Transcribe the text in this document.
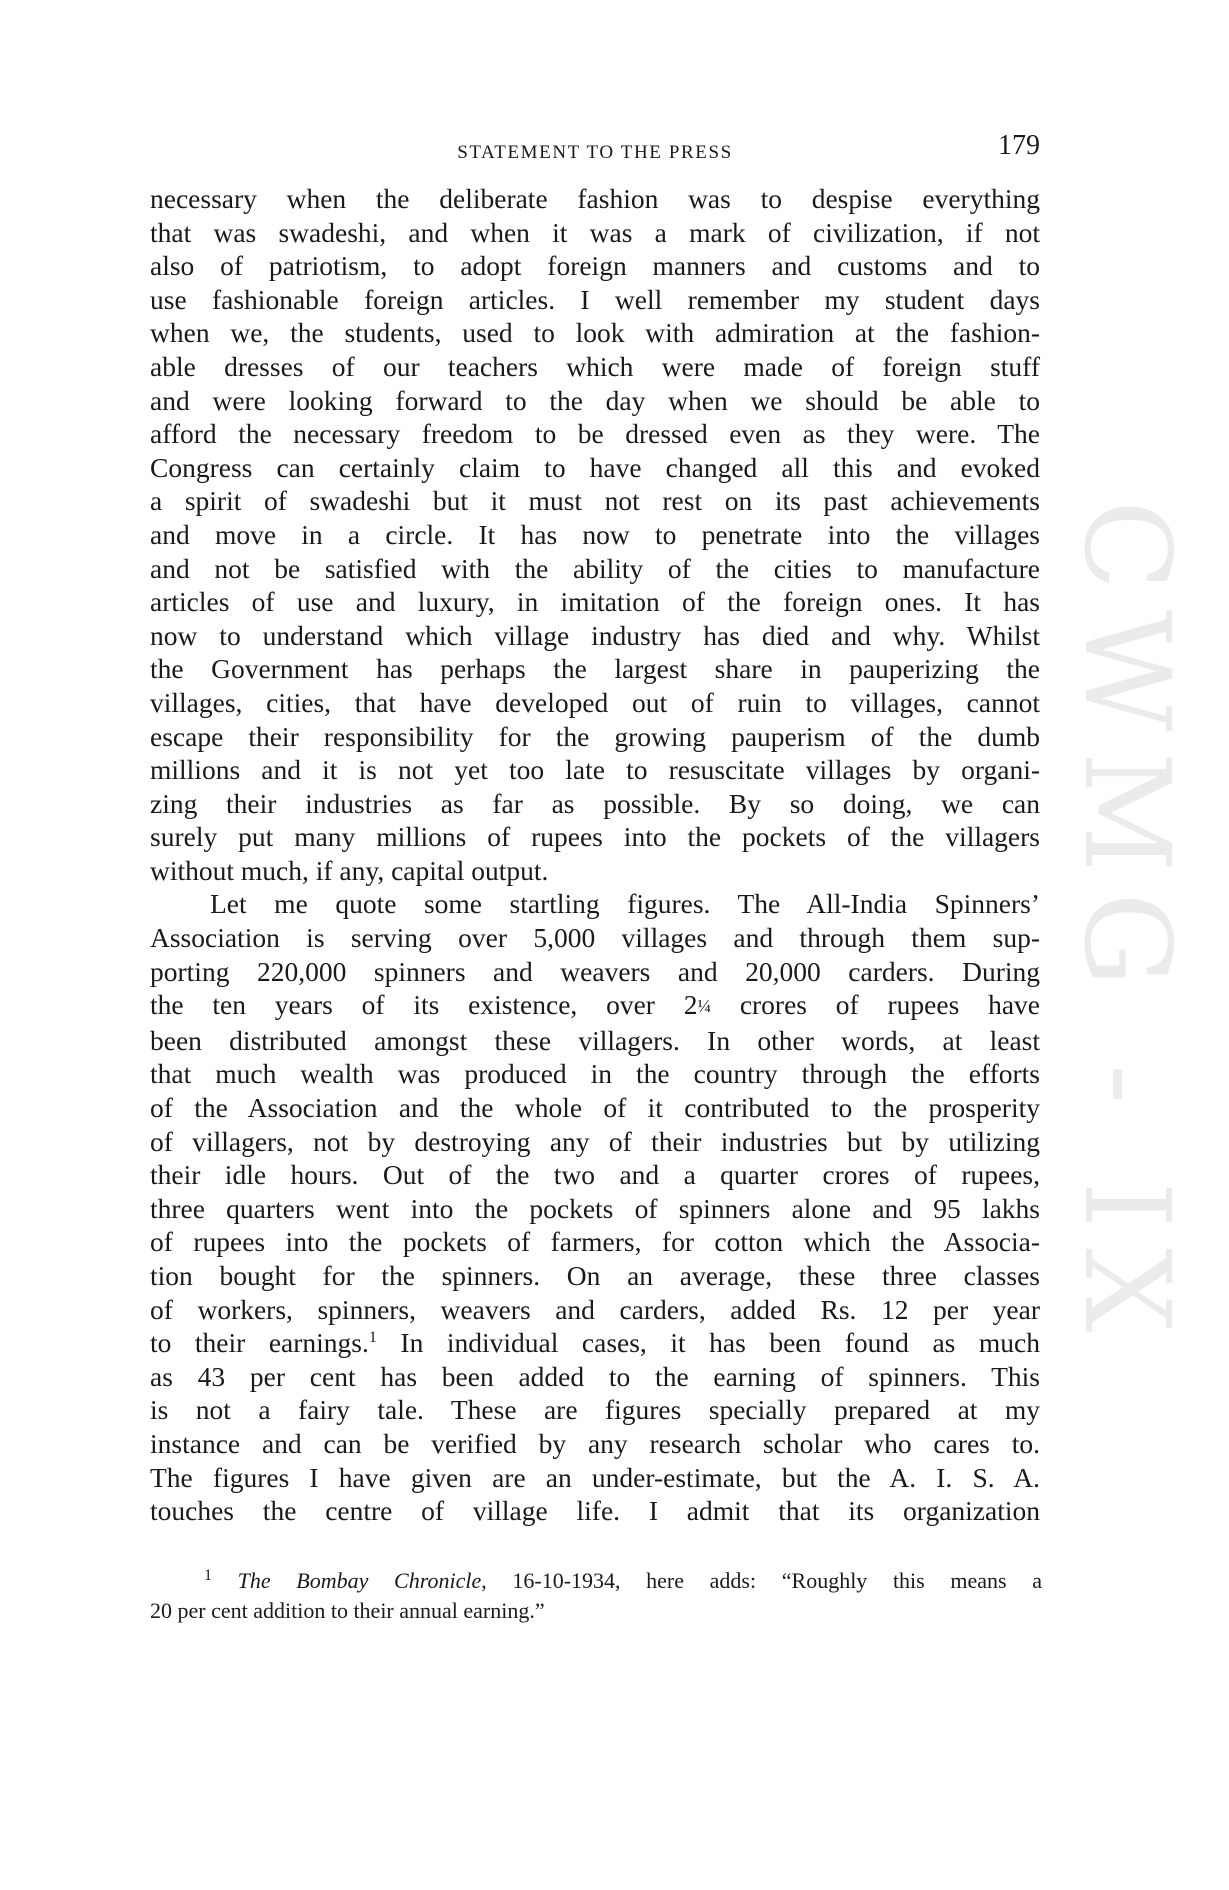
CWMG - IX
STATEMENT TO THE PRESS	179
necessary when the deliberate fashion was to despise everything
that was swadeshi, and when it was a mark of civilization, if not
also of patriotism, to adopt foreign manners and customs and to
use fashionable foreign articles. I well remember my student days
when we, the students, used to look with admiration at the fashion-
able dresses of our teachers which were made of foreign stuff
and were looking forward to the day when we should be able to
afford the necessary freedom to be dressed even as they were. The
Congress can certainly claim to have changed all this and evoked
a spirit of swadeshi but it must not rest on its past achievements
and move in a circle. It has now to penetrate into the villages
and not be satisfied with the ability of the cities to manufacture
articles of use and luxury, in imitation of the foreign ones. It has
now to understand which village industry has died and why. Whilst
the Government has perhaps the largest share in pauperizing the
villages, cities, that have developed out of ruin to villages, cannot
escape their responsibility for the growing pauperism of the dumb
millions and it is not yet too late to resuscitate villages by organi-
zing their industries as far as possible. By so doing, we can
surely put many millions of rupees into the pockets of the villagers
without much, if any, capital output.
Let me quote some startling figures. The All-India Spinners’
Association is serving over 5,000 villages and through them sup-
porting 220,000 spinners and weavers and 20,000 carders. During
the ten years of its existence, over 2¼ crores of rupees have
been distributed amongst these villagers. In other words, at least
that much wealth was produced in the country through the efforts
of the Association and the whole of it contributed to the prosperity
of villagers, not by destroying any of their industries but by utilizing
their idle hours. Out of the two and a quarter crores of rupees,
three quarters went into the pockets of spinners alone and 95 lakhs
of rupees into the pockets of farmers, for cotton which the Associa-
tion bought for the spinners. On an average, these three classes
of workers, spinners, weavers and carders, added Rs. 12 per year
to their earnings.$^1$ In individual cases, it has been found as much
as 43 per cent has been added to the earning of spinners. This
is not a fairy tale. These are figures specially prepared at my
instance and can be verified by any research scholar who cares to.
The figures I have given are an under-estimate, but the A. I. S. A.
touches the centre of village life. I admit that its organization
$^1$ The Bombay Chronicle, 16-10-1934, here adds: “Roughly this means a
20 per cent addition to their annual earning.”
